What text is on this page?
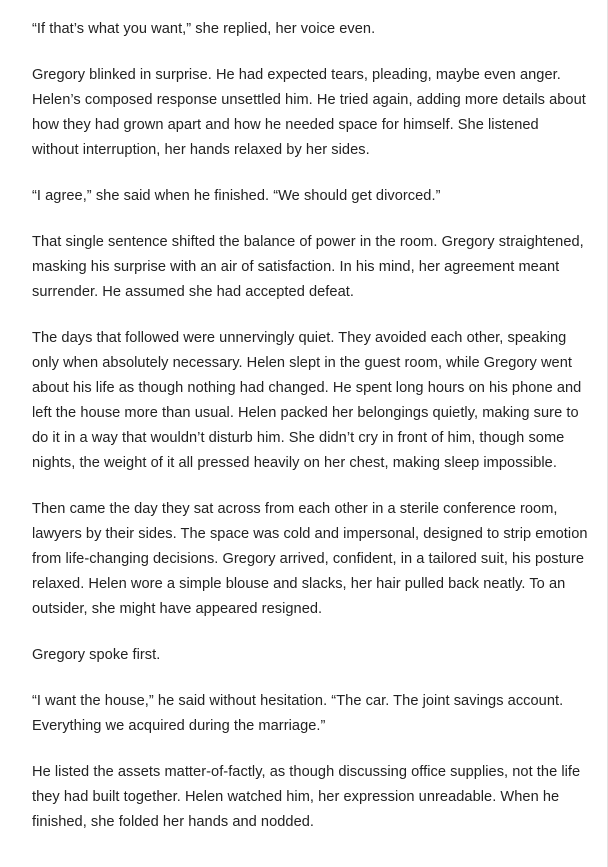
“If that’s what you want,” she replied, her voice even.

Gregory blinked in surprise. He had expected tears, pleading, maybe even anger. Helen’s composed response unsettled him. He tried again, adding more details about how they had grown apart and how he needed space for himself. She listened without interruption, her hands relaxed by her sides.

“I agree,” she said when he finished. “We should get divorced.”

That single sentence shifted the balance of power in the room. Gregory straightened, masking his surprise with an air of satisfaction. In his mind, her agreement meant surrender. He assumed she had accepted defeat.

The days that followed were unnervingly quiet. They avoided each other, speaking only when absolutely necessary. Helen slept in the guest room, while Gregory went about his life as though nothing had changed. He spent long hours on his phone and left the house more than usual. Helen packed her belongings quietly, making sure to do it in a way that wouldn’t disturb him. She didn’t cry in front of him, though some nights, the weight of it all pressed heavily on her chest, making sleep impossible.

Then came the day they sat across from each other in a sterile conference room, lawyers by their sides. The space was cold and impersonal, designed to strip emotion from life-changing decisions. Gregory arrived, confident, in a tailored suit, his posture relaxed. Helen wore a simple blouse and slacks, her hair pulled back neatly. To an outsider, she might have appeared resigned.

Gregory spoke first.

“I want the house,” he said without hesitation. “The car. The joint savings account. Everything we acquired during the marriage.”

He listed the assets matter-of-factly, as though discussing office supplies, not the life they had built together. Helen watched him, her expression unreadable. When he finished, she folded her hands and nodded.
